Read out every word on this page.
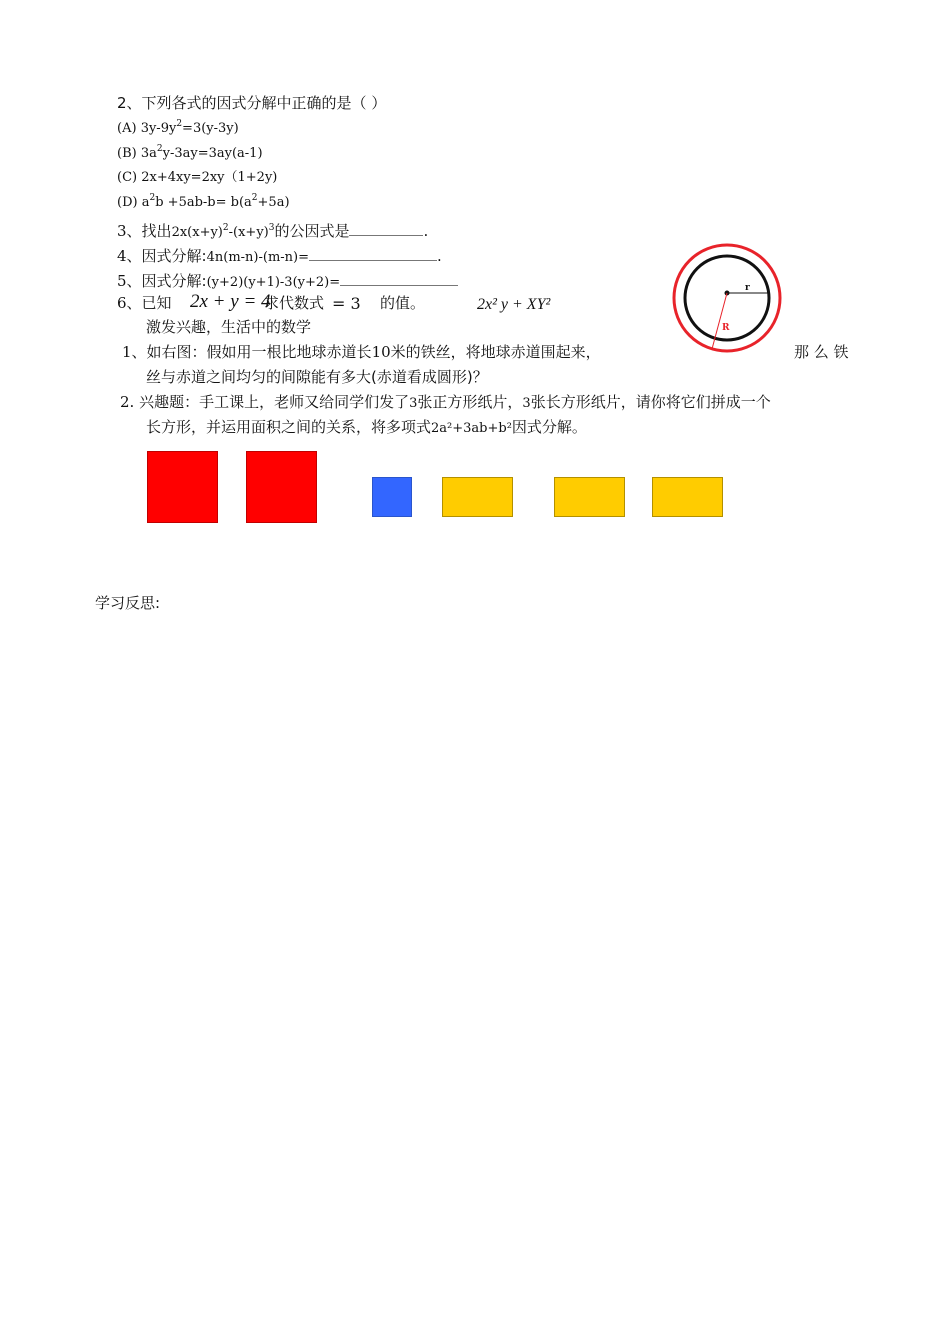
2、下列各式的因式分解中正确的是（ ）
(A) $3y-9y^2=3(y-3y)$
(B) $3a^2y-3ay=3ay(a-1)$
(C) 2x+4xy=2xy（1+2y)
(D) $a^2b +5ab-b= b(a^2+5a)$
3、找出$2x(x+y)^2-(x+y)^3$的公因式是	.
4、因式分解:4n(m-n)-(m-n)=	.
5、因式分解:(y+2)(y+1)-3(y+2)=
6、已知 2x + y = 4
求代数式 = 3 的值。	2x² y + XY²
激发兴趣，生活中的数学
1、如右图：假如用一根比地球赤道长10米的铁丝，将地球赤道围起来，	那 么 铁
丝与赤道之间均匀的间隙能有多大(赤道看成圆形)？
2. 兴趣题：手工课上，老师又给同学们发了3张正方形纸片，3张长方形纸片，请你将它们拼成一个
长方形，并运用面积之间的关系，将多项式2a²+3ab+b²因式分解。
r
R
学习反思:
